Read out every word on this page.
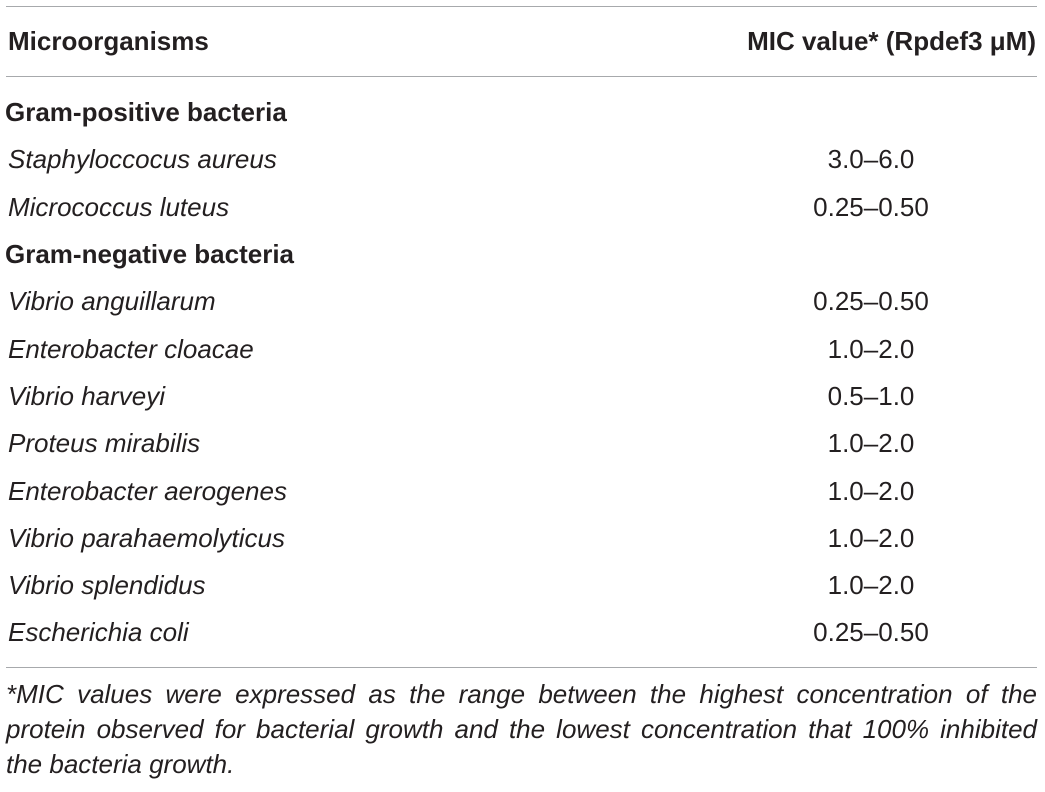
Microorganisms	MIC value* (Rpdef3 μM)
Gram-positive bacteria
Staphyloccocus aureus	3.0–6.0
Micrococcus luteus	0.25–0.50
Gram-negative bacteria
Vibrio anguillarum	0.25–0.50
Enterobacter cloacae	1.0–2.0
Vibrio harveyi	0.5–1.0
Proteus mirabilis	1.0–2.0
Enterobacter aerogenes	1.0–2.0
Vibrio parahaemolyticus	1.0–2.0
Vibrio splendidus	1.0–2.0
Escherichia coli	0.25–0.50

*MIC values were expressed as the range between the highest concentration of the protein observed for bacterial growth and the lowest concentration that 100% inhibited the bacteria growth.
